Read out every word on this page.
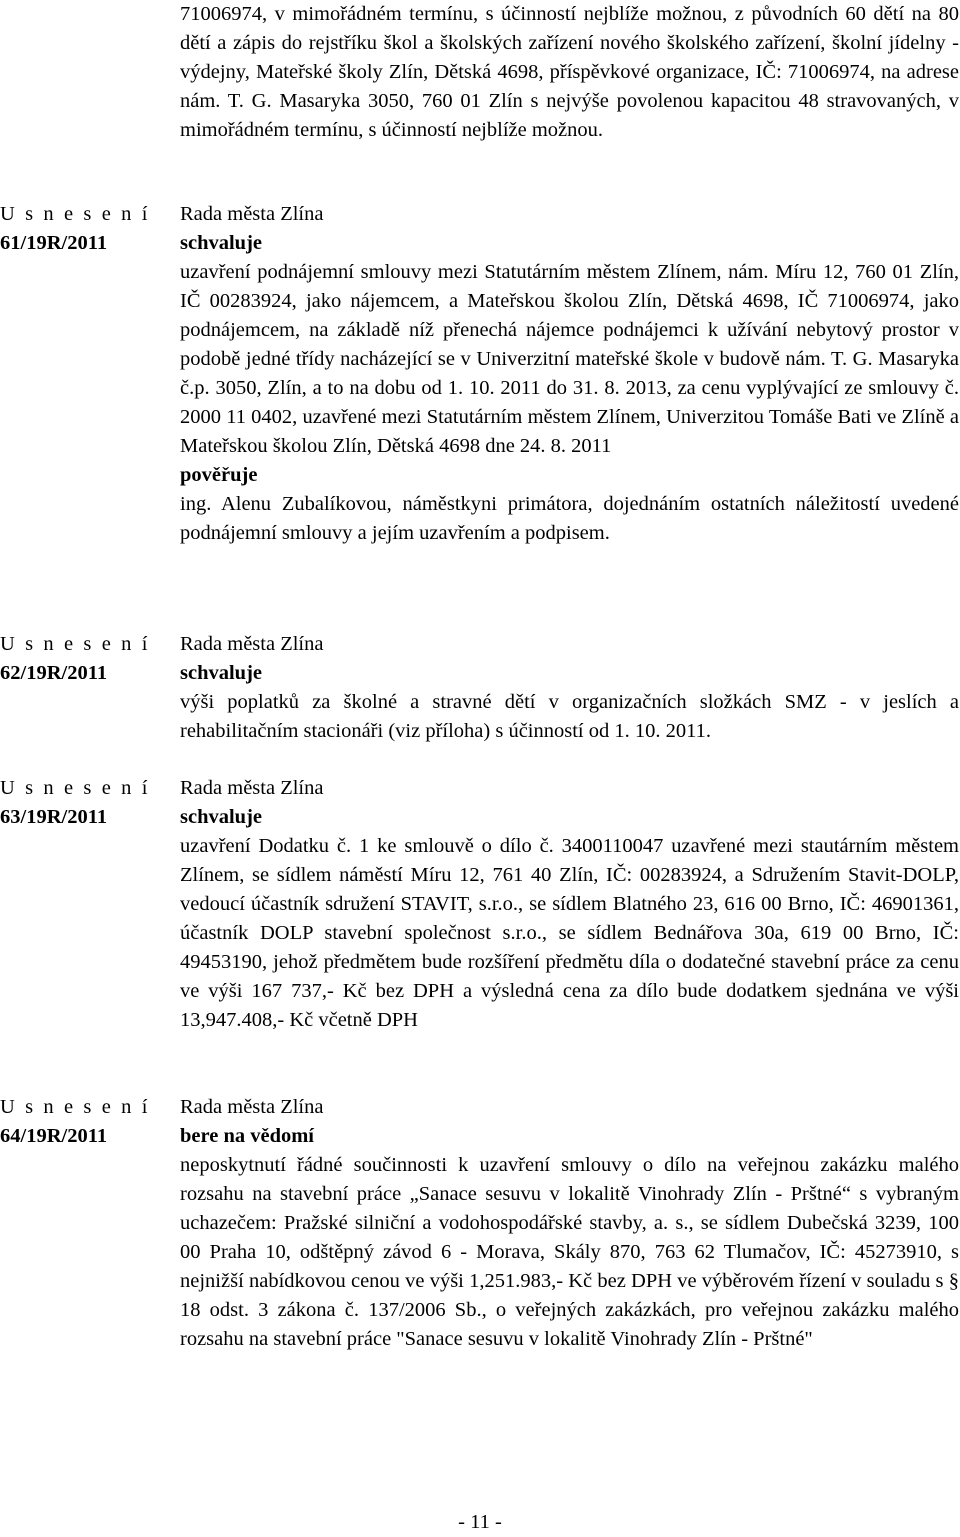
71006974, v mimořádném termínu, s účinností nejblíže možnou, z původních 60 dětí na 80 dětí a zápis do rejstříku škol a školských zařízení nového školského zařízení, školní jídelny - výdejny, Mateřské školy Zlín, Dětská 4698, příspěvkové organizace, IČ: 71006974, na adrese nám. T. G. Masaryka 3050, 760 01 Zlín s nejvýše povolenou kapacitou 48 stravovaných, v mimořádném termínu, s účinností nejblíže možnou.

U s n e s e n í
61/19R/2011
Rada města Zlína
schvaluje

uzavření podnájemní smlouvy mezi Statutárním městem Zlínem, nám. Míru 12, 760 01 Zlín, IČ 00283924, jako nájemcem, a Mateřskou školou Zlín, Dětská 4698, IČ 71006974, jako podnájemcem, na základě níž přenechá nájemce podnájemci k užívání nebytový prostor v podobě jedné třídy nacházející se v Univerzitní mateřské škole v budově nám. T. G. Masaryka č.p. 3050, Zlín, a to na dobu od 1. 10. 2011 do 31. 8. 2013, za cenu vyplývající ze smlouvy č. 2000 11 0402, uzavřené mezi Statutárním městem Zlínem, Univerzitou Tomáše Bati ve Zlíně a Mateřskou školou Zlín, Dětská 4698 dne 24. 8. 2011

pověřuje

ing. Alenu Zubalíkovou, náměstkyni primátora, dojednáním ostatních náležitostí uvedené podnájemní smlouvy a jejím uzavřením a podpisem.

U s n e s e n í
62/19R/2011
Rada města Zlína
schvaluje

výši poplatků za školné a stravné dětí v organizačních složkách SMZ - v jeslích a rehabilitačním stacionáři (viz příloha) s účinností od 1. 10. 2011.

U s n e s e n í
63/19R/2011
Rada města Zlína
schvaluje

uzavření Dodatku č. 1 ke smlouvě o dílo č. 3400110047 uzavřené mezi stautárním městem Zlínem, se sídlem náměstí Míru 12, 761 40 Zlín, IČ: 00283924, a Sdružením Stavit-DOLP, vedoucí účastník sdružení STAVIT, s.r.o., se sídlem Blatného 23, 616 00 Brno, IČ: 46901361, účastník DOLP stavební společnost s.r.o., se sídlem Bednářova 30a, 619 00 Brno, IČ: 49453190, jehož předmětem bude rozšíření předmětu díla o dodatečné stavební práce za cenu ve výši 167 737,- Kč bez DPH a výsledná cena za dílo bude dodatkem sjednána ve výši 13,947.408,- Kč včetně DPH

U s n e s e n í
64/19R/2011
Rada města Zlína
bere na vědomí

neposkytnutí řádné součinnosti k uzavření smlouvy o dílo na veřejnou zakázku malého rozsahu na stavební práce „Sanace sesuvu v lokalitě Vinohrady Zlín - Prštné“ s vybraným uchazečem: Pražské silniční a vodohospodářské stavby, a. s., se sídlem Dubečská 3239, 100 00 Praha 10, odštěpný závod 6 - Morava, Skály 870, 763 62 Tlumačov, IČ: 45273910, s nejnižší nabídkovou cenou ve výši 1,251.983,- Kč bez DPH ve výběrovém řízení v souladu s § 18 odst. 3 zákona č. 137/2006 Sb., o veřejných zakázkách, pro veřejnou zakázku malého rozsahu na stavební práce "Sanace sesuvu v lokalitě Vinohrady Zlín - Prštné"

- 11 -
